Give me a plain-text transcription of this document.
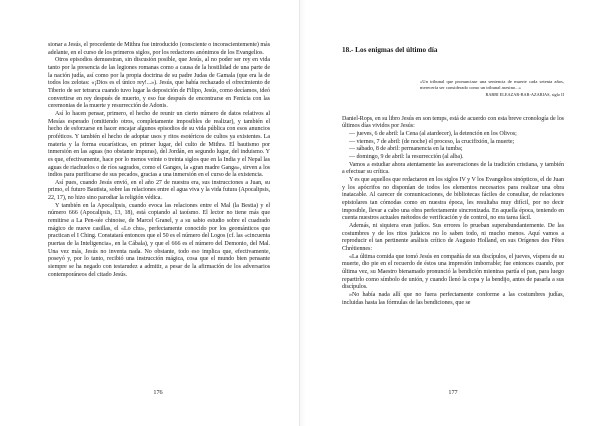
sionar a Jesús, el procedente de Mithra fue introducido (consciente o inconscientemente) más adelante, en el curso de los primeros siglos, por los redactores anónimos de los Evangelios.

Otros episodios demuestran, sin discusión posible, que Jesús, al no poder ser rey en vida tanto por la presencia de las legiones romanas como a causa de la hostilidad de una parte de la nación judía, así como por la propia doctrina de su padre Judas de Gamala (que era la de todos los zelotas: «¡Dios es el único rey!...»). Jesús, que había rechazado el ofrecimiento de Tiberio de ser tetrarca cuando tuvo lugar la deposición de Filipo, Jesús, como decíamos, ideó convertirse en rey después de muerto, y eso fue después de encontrarse en Fenicia con las ceremonias de la muerte y resurrección de Adonis.

Así lo hacen pensar, primero, el hecho de reunir un cierto número de datos relativos al Mesías esperado (omitiendo otros, completamente imposibles de realizar), y también el hecho de esforzarse en hacer encajar algunos episodios de su vida pública con esos anuncios proféticos. Y también el hecho de adoptar usos y ritos esotéricos de cultos ya existentes. La materia y la forma eucarísticas, en primer lugar, del culto de Mithra. El bautismo por inmersión en las aguas (no obstante impuras), del Jordán, en segundo lugar, del induismo. Y es que, efectivamente, hace por lo menos veinte o treinta siglos que en la India y el Nepal las aguas de riachuelos o de ríos sagrados, como el Ganges, la «gran madre Ganga», sirven a los indios para purificarse de sus pecados, gracias a una inmersión en el curso de la existencia.

Así pues, cuando Jesús envió, en el año 27 de nuestra era, sus instrucciones a Juan, su primo, el futuro Bautista, sobre las relaciones entre el agua viva y la vida futura (Apocalipsis, 22, 17), no hizo sino parodiar la religión védica.

Y también en la Apocalipsis, cuando evoca las relaciones entre el Mal (la Bestia) y el número 666 (Apocalipsis, 13, 18), está copiando al taoísmo. El lector no tiene más que remitirse a La Pen-sée chinoise, de Marcel Granel, y a su sabio estudio sobre el cuadrado mágico de nueve casillas, el «Lo chu», perfectamente conocido por los geománticos que practican el I Ching. Constatará entonces que el 50 es el número del Logos (cf. las «cincuenta puertas de la Inteligencia», en la Cábala), y que el 666 es el número del Demonio, del Mal. Una vez más, Jesús no inventa nada. No obstante, todo eso implica que, efectivamente, poseyó y, por lo tanto, recibió una instrucción mágica, cosa que el mundo bien pensante siempre se ha negado con testarudez a admitir, a pesar de la afirmación de los adversarios contemporáneos del citado Jesús.

176
18.- Los enigmas del último día

«Un tribunal que pronunciase una sentencia de muerte cada setenta años, merecería ser considerado como un tribunal asesino...»

RABBI ELEAZAR-BAR-AZARIAS, siglo II

Daniel-Rops, en su libro Jesús en son temps, está de acuerdo con esta breve cronología de los últimos días vividos por Jesús:

— jueves, 6 de abril: la Cena (al atardecer), la detención en los Olivos;

— viernes, 7 de abril: (de noche) el proceso, la crucifixión, la muerte;

— sábado, 8 de abril: permanencia en la tumba;

— domingo, 9 de abril: la resurrección (al alba).

Vamos a estudiar ahora atentamente las aseveraciones de la tradición cristiana, y también a efectuar su crítica.

Y es que aquellos que redactaron en los siglos IV y V los Evangelios sinópticos, el de Juan y los apócrifos no disponían de todos los elementos necesarios para realizar una obra inatacable. Al carecer de comunicaciones, de bibliotecas fáciles de consultar, de relaciones epistolares tan cómodas como en nuestra época, les resultaba muy difícil, por no decir imposible, llevar a cabo una obra perfectamente sincronizada. En aquella época, teniendo en cuenta nuestros actuales métodos de verificación y de control, no era tarea fácil.

Además, ni siquiera eran judíos. Sus errores lo prueban superabundantemente. De las costumbres y de los ritos judaicos no lo saben todo, ni mucho menos. Aquí vamos a reproducir el tan pertinente análisis crítico de Augusto Holland, en sus Orígenes des Fêtes Chrétiennes:

«La última comida que tomó Jesús en compañía de sus discípulos, el jueves, víspera de su muerte, dio pie en el recuerdo de éstos una impresión imborrable; fue entonces cuando, por última vez, su Maestro bienamado pronunció la bendición mientras partía el pan, para luego repartirlo como símbolo de unión, y cuando llenó la copa y la bendijo, antes de pasarla a sus discípulos.

»No había nada allí que no fuera perfectamente conforme a las costumbres judías, incluidas hasta las fórmulas de las bendiciones, que se

177
